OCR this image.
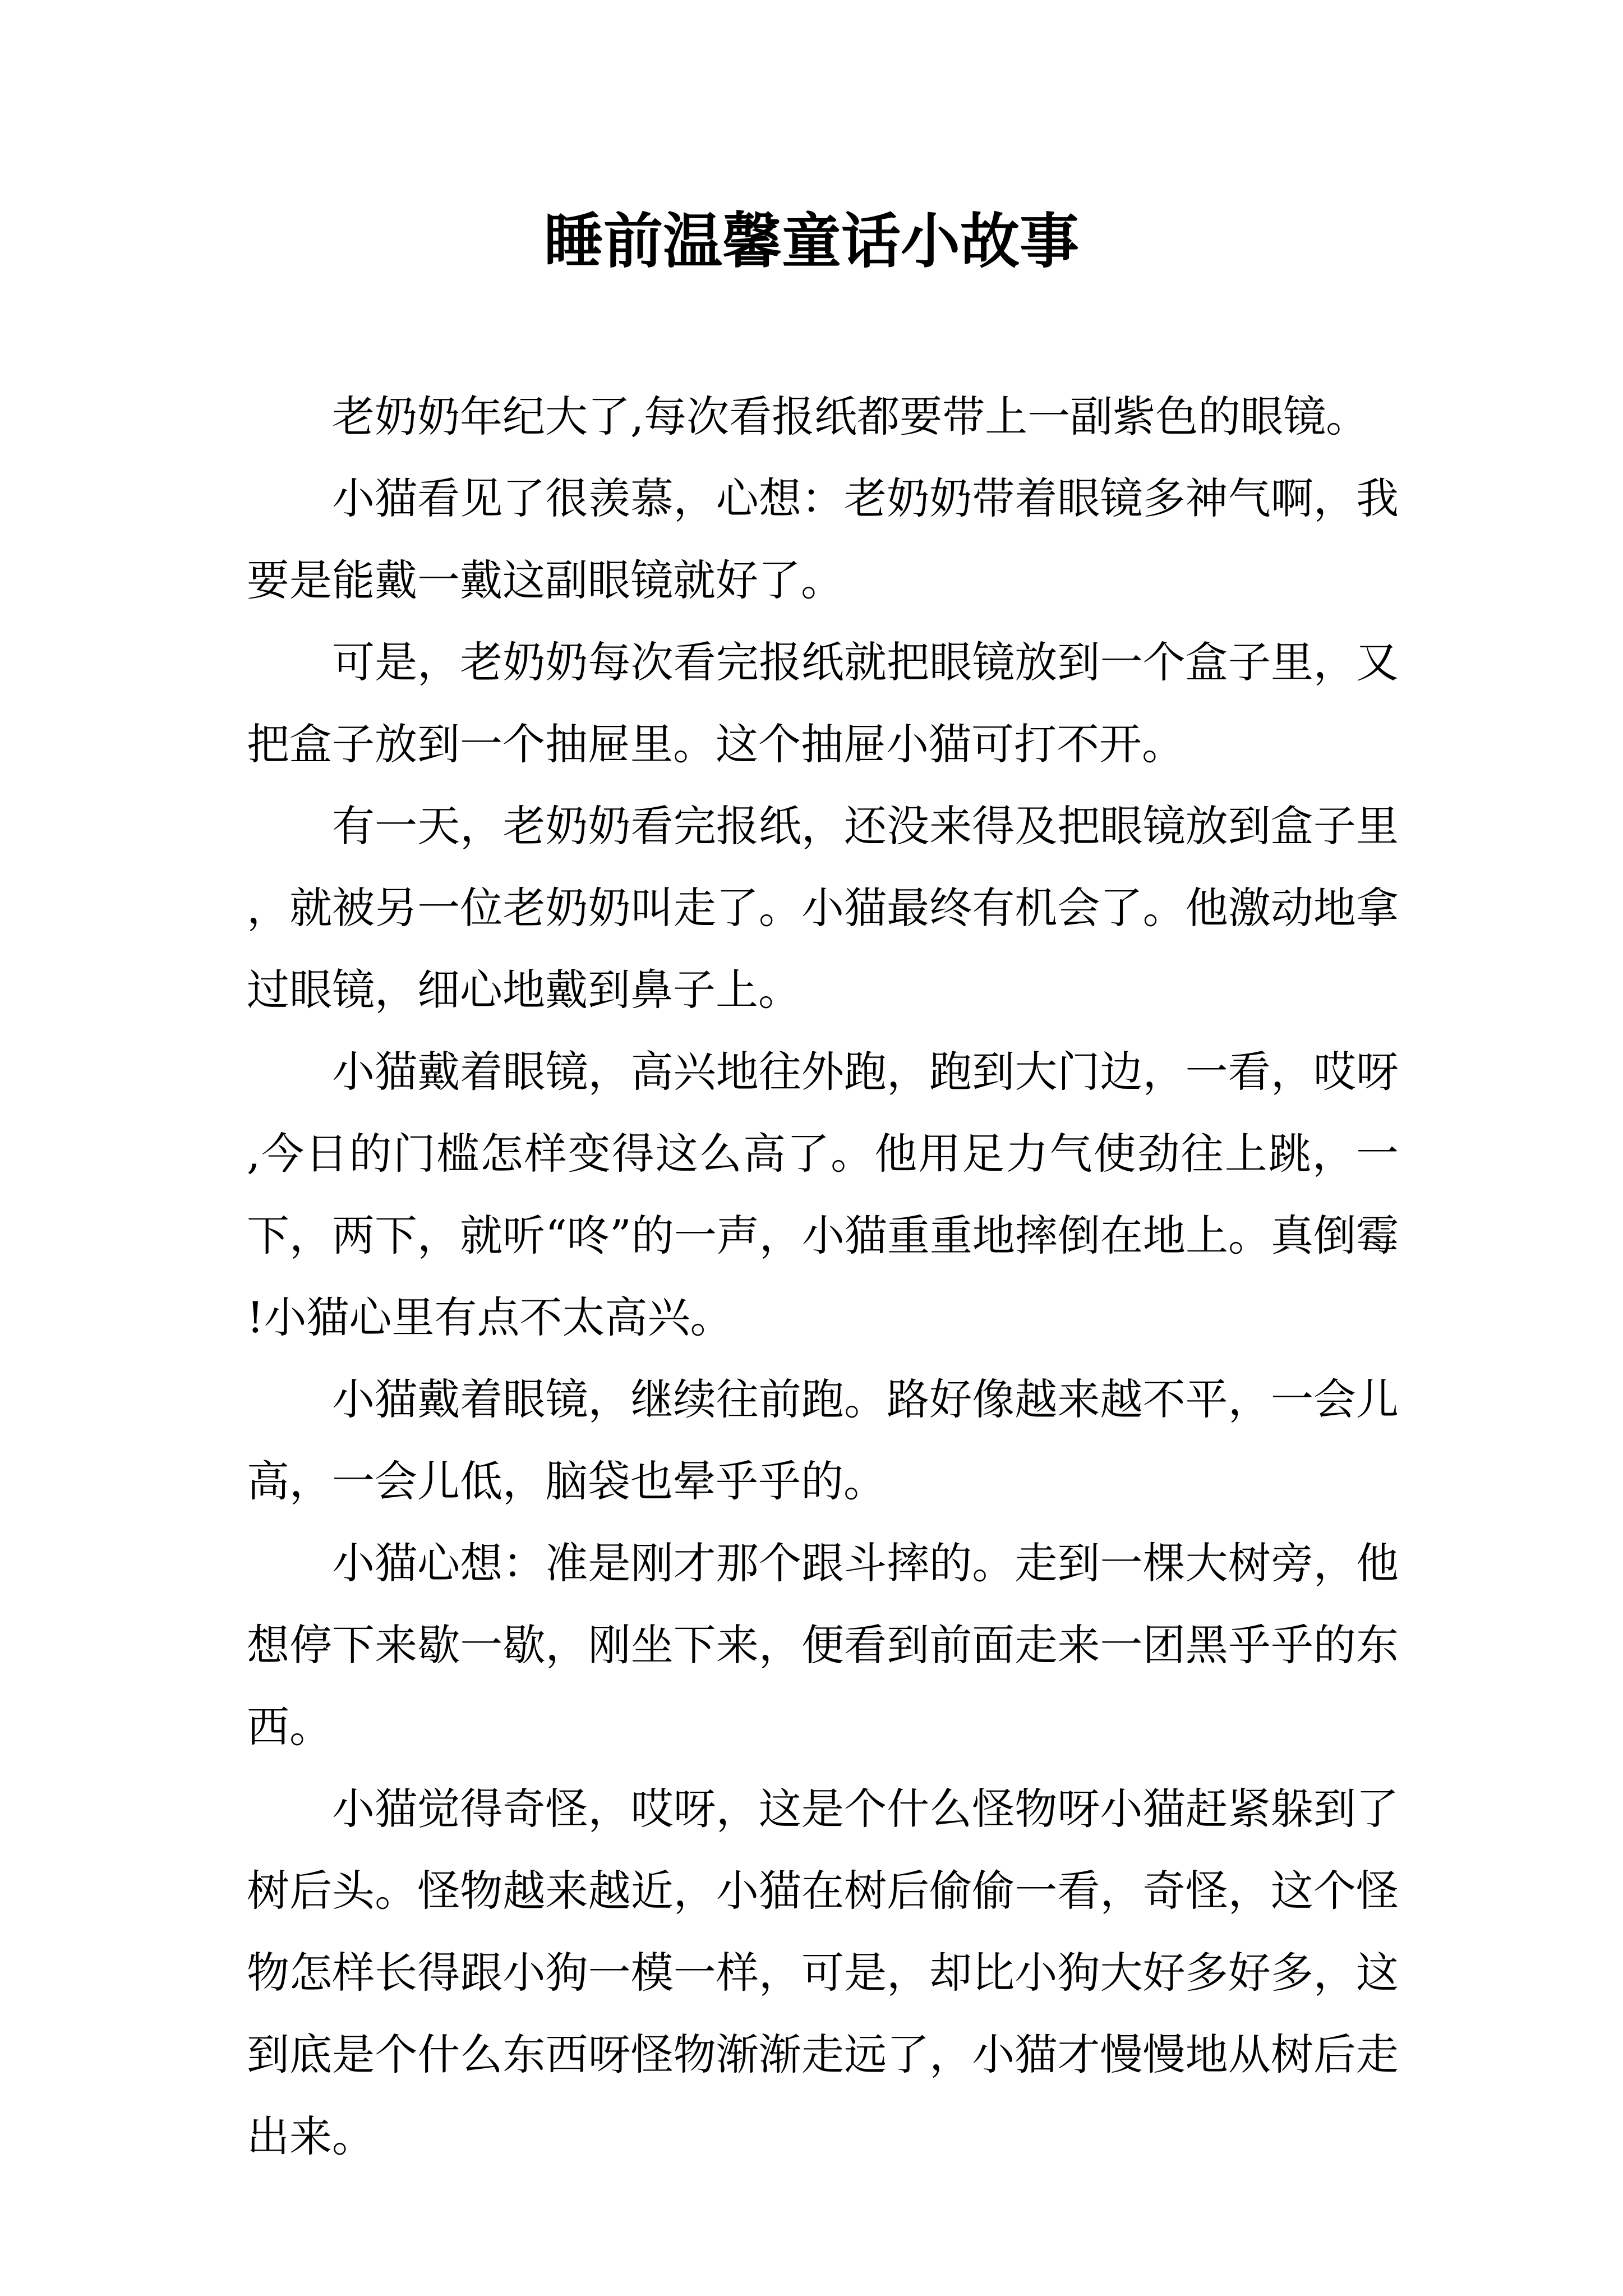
睡前温馨童话小故事

老奶奶年纪大了,每次看报纸都要带上一副紫色的眼镜。

小猫看见了很羡慕，心想：老奶奶带着眼镜多神气啊，我要是能戴一戴这副眼镜就好了。

可是，老奶奶每次看完报纸就把眼镜放到一个盒子里，又把盒子放到一个抽屉里。这个抽屉小猫可打不开。

有一天，老奶奶看完报纸，还没来得及把眼镜放到盒子里，就被另一位老奶奶叫走了。小猫最终有机会了。他激动地拿过眼镜，细心地戴到鼻子上。

小猫戴着眼镜，高兴地往外跑，跑到大门边，一看，哎呀,今日的门槛怎样变得这么高了。他用足力气使劲往上跳，一下，两下，就听“咚”的一声，小猫重重地摔倒在地上。真倒霉!小猫心里有点不太高兴。

小猫戴着眼镜，继续往前跑。路好像越来越不平，一会儿高，一会儿低，脑袋也晕乎乎的。

小猫心想：准是刚才那个跟斗摔的。走到一棵大树旁，他想停下来歇一歇，刚坐下来，便看到前面走来一团黑乎乎的东西。

小猫觉得奇怪，哎呀，这是个什么怪物呀小猫赶紧躲到了树后头。怪物越来越近，小猫在树后偷偷一看，奇怪，这个怪物怎样长得跟小狗一模一样，可是，却比小狗大好多好多，这到底是个什么东西呀怪物渐渐走远了，小猫才慢慢地从树后走出来。
